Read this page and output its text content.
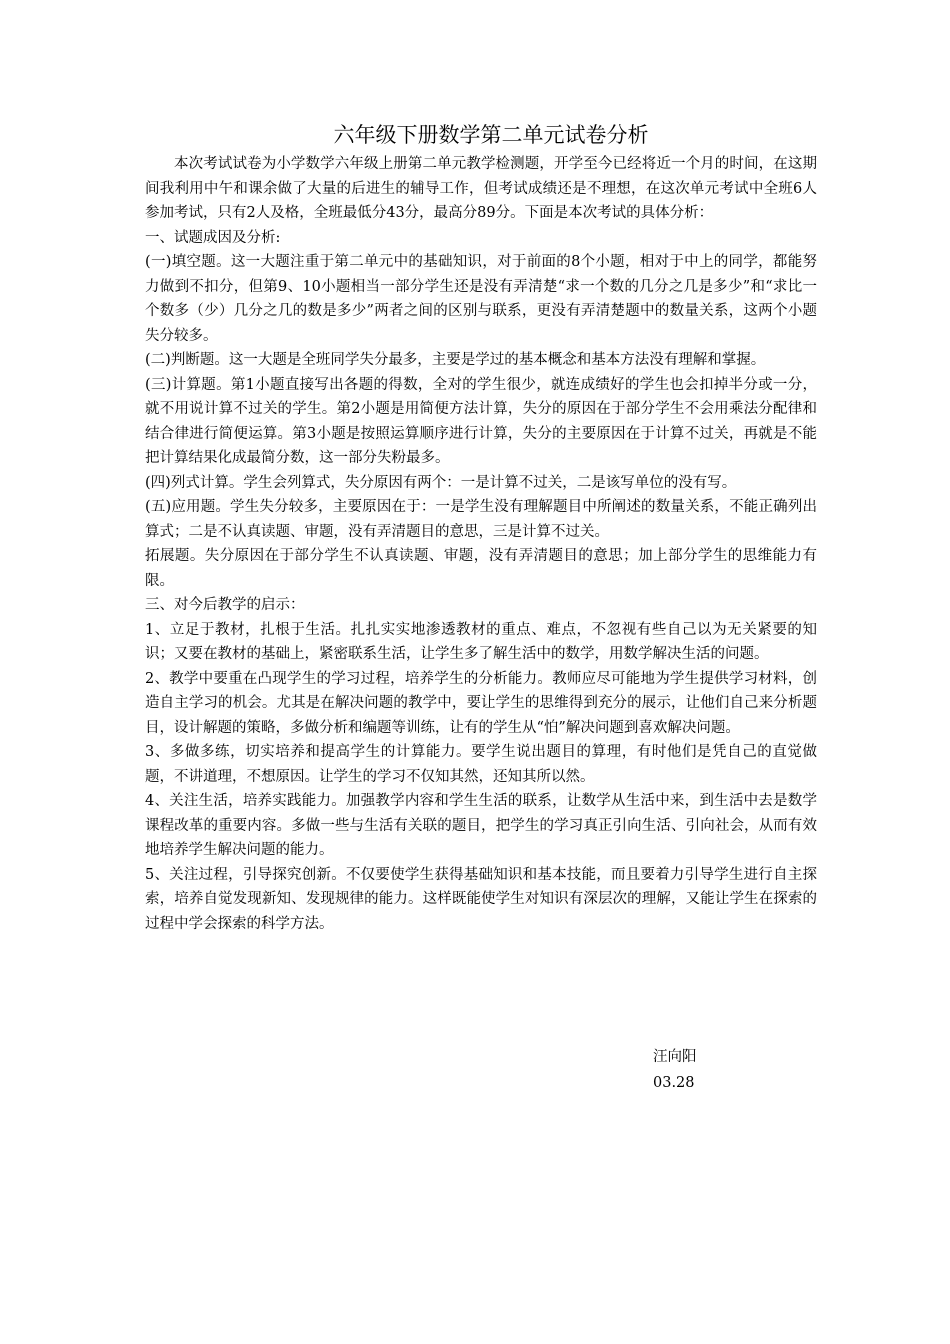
六年级下册数学第二单元试卷分析

本次考试试卷为小学数学六年级上册第二单元教学检测题，开学至今已经将近一个月的时间，在这期间我利用中午和课余做了大量的后进生的辅导工作，但考试成绩还是不理想，在这次单元考试中全班6人参加考试，只有2人及格，全班最低分43分，最高分89分。下面是本次考试的具体分析：

一、试题成因及分析:

(一)填空题。这一大题注重于第二单元中的基础知识，对于前面的8个小题，相对于中上的同学，都能努力做到不扣分，但第9、10小题相当一部分学生还是没有弄清楚“求一个数的几分之几是多少”和“求比一个数多（少）几分之几的数是多少”两者之间的区别与联系，更没有弄清楚题中的数量关系，这两个小题失分较多。

(二)判断题。这一大题是全班同学失分最多，主要是学过的基本概念和基本方法没有理解和掌握。

(三)计算题。第1小题直接写出各题的得数，全对的学生很少，就连成绩好的学生也会扣掉半分或一分，就不用说计算不过关的学生。第2小题是用简便方法计算，失分的原因在于部分学生不会用乘法分配律和结合律进行简便运算。第3小题是按照运算顺序进行计算，失分的主要原因在于计算不过关，再就是不能把计算结果化成最简分数，这一部分失粉最多。

(四)列式计算。学生会列算式，失分原因有两个：一是计算不过关，二是该写单位的没有写。

(五)应用题。学生失分较多，主要原因在于：一是学生没有理解题目中所阐述的数量关系，不能正确列出算式；二是不认真读题、审题，没有弄清题目的意思，三是计算不过关。

拓展题。失分原因在于部分学生不认真读题、审题，没有弄清题目的意思；加上部分学生的思维能力有限。

三、对今后教学的启示：

1、立足于教材，扎根于生活。扎扎实实地渗透教材的重点、难点，不忽视有些自己以为无关紧要的知识；又要在教材的基础上，紧密联系生活，让学生多了解生活中的数学，用数学解决生活的问题。

2、教学中要重在凸现学生的学习过程，培养学生的分析能力。教师应尽可能地为学生提供学习材料，创造自主学习的机会。尤其是在解决问题的教学中，要让学生的思维得到充分的展示，让他们自己来分析题目，设计解题的策略，多做分析和编题等训练，让有的学生从“怕”解决问题到喜欢解决问题。

3、多做多练，切实培养和提高学生的计算能力。要学生说出题目的算理，有时他们是凭自己的直觉做题，不讲道理，不想原因。让学生的学习不仅知其然，还知其所以然。

4、关注生活，培养实践能力。加强教学内容和学生生活的联系，让数学从生活中来，到生活中去是数学课程改革的重要内容。多做一些与生活有关联的题目，把学生的学习真正引向生活、引向社会，从而有效地培养学生解决问题的能力。

5、关注过程，引导探究创新。不仅要使学生获得基础知识和基本技能，而且要着力引导学生进行自主探索，培养自觉发现新知、发现规律的能力。这样既能使学生对知识有深层次的理解，又能让学生在探索的过程中学会探索的科学方法。

汪向阳
03.28
